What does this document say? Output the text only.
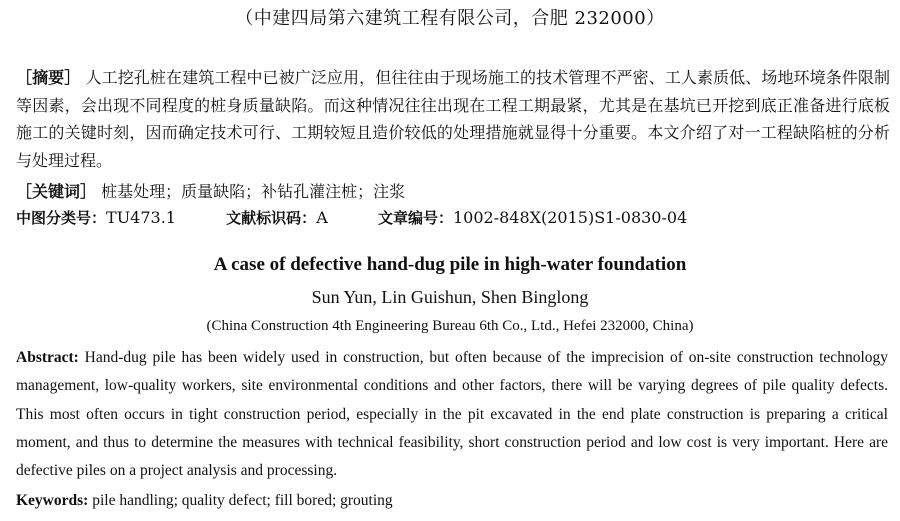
（中建四局第六建筑工程有限公司，合肥 232000）
［摘要］ 人工挖孔桩在建筑工程中已被广泛应用，但往往由于现场施工的技术管理不严密、工人素质低、场地环境条件限制等因素，会出现不同程度的桩身质量缺陷。而这种情况往往出现在工程工期最紧，尤其是在基坑已开挖到底正准备进行底板施工的关键时刻，因而确定技术可行、工期较短且造价较低的处理措施就显得十分重要。本文介绍了对一工程缺陷桩的分析与处理过程。
［关键词］ 桩基处理；质量缺陷；补钻孔灌注桩；注浆
中图分类号：TU473.1	文献标识码：A	文章编号：1002-848X(2015)S1-0830-04
A case of defective hand-dug pile in high-water foundation
Sun Yun, Lin Guishun, Shen Binglong
(China Construction 4th Engineering Bureau 6th Co., Ltd., Hefei 232000, China)
Abstract: Hand-dug pile has been widely used in construction, but often because of the imprecision of on-site construction technology management, low-quality workers, site environmental conditions and other factors, there will be varying degrees of pile quality defects. This most often occurs in tight construction period, especially in the pit excavated in the end plate construction is preparing a critical moment, and thus to determine the measures with technical feasibility, short construction period and low cost is very important. Here are defective piles on a project analysis and processing.
Keywords: pile handling; quality defect; fill bored; grouting
